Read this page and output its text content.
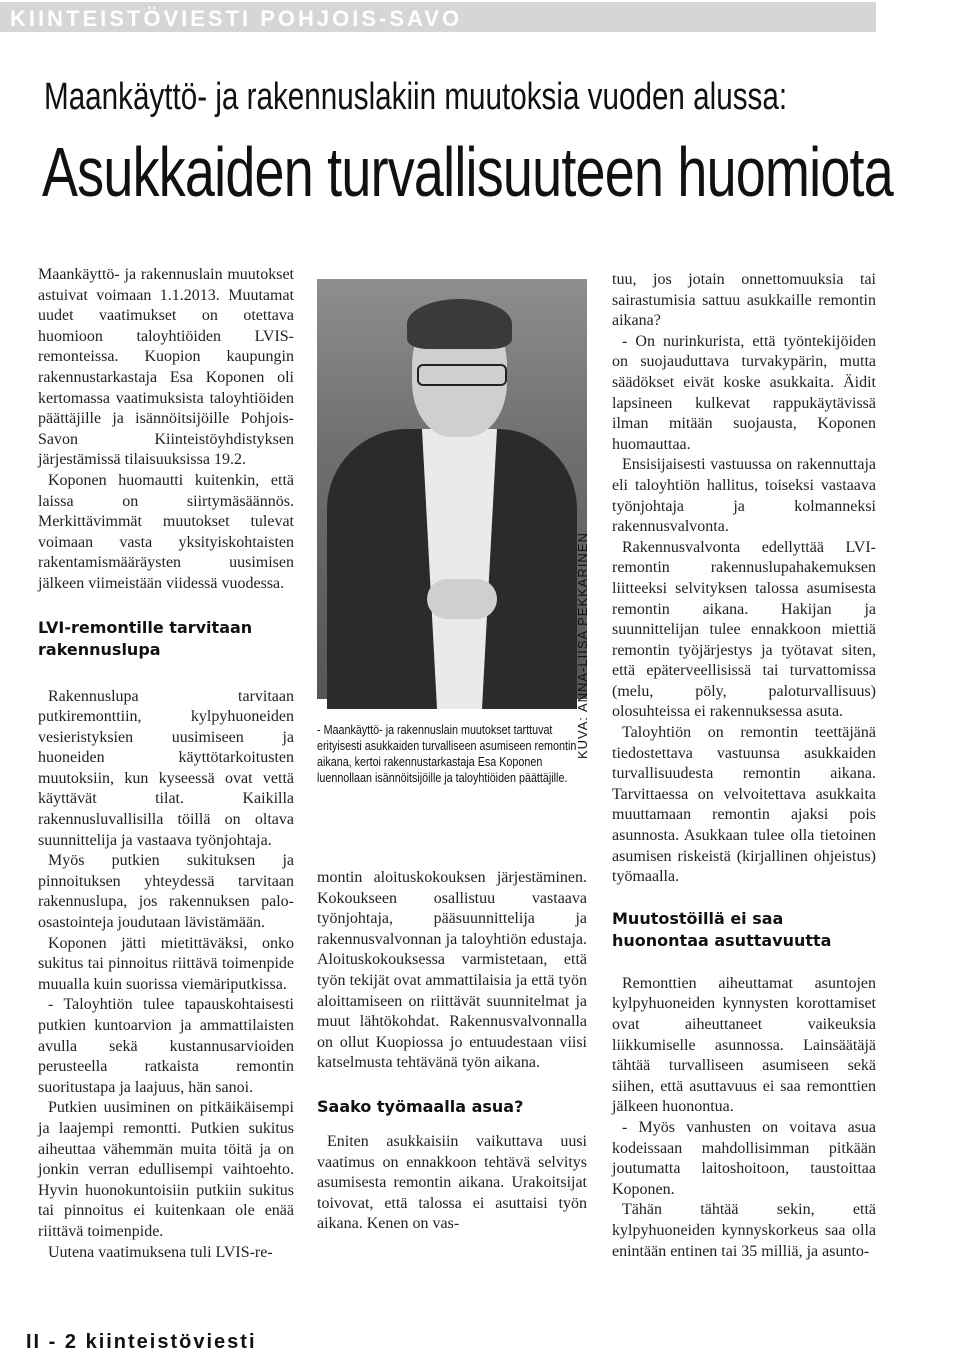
KIINTEISTÖVIESTI POHJOIS-SAVO
Maankäyttö- ja rakennuslakiin muutoksia vuoden alussa:
Asukkaiden turvallisuuteen huomiota

Maankäyttö- ja rakennuslain muutokset astuivat voimaan 1.1.2013. Muutamat uudet vaatimukset on otettava huomioon taloyhtiöiden LVIS-remonteissa. Kuopion kaupungin rakennustarkastaja Esa Koponen oli kertomassa vaatimuksista taloyhtiöiden päättäjille ja isännöitsijöille Pohjois-Savon Kiinteistöyhdistyksen järjestämissä tilaisuuksissa 19.2.

Koponen huomautti kuitenkin, että laissa on siirtymäsäännös. Merkittävimmät muutokset tulevat voimaan vasta yksityiskohtaisten rakentamismääräysten uusimisen jälkeen viimeistään viidessä vuodessa.

LVI-remontille tarvitaan rakennuslupa

Rakennuslupa tarvitaan putkiremonttiin, kylpyhuoneiden vesieristyksien uusimiseen ja huoneiden käyttötarkoitusten muutoksiin, kun kyseessä ovat vettä käyttävät tilat. Kaikilla rakennusluvallisilla töillä on oltava suunnittelija ja vastaava työnjohtaja.

Myös putkien sukituksen ja pinnoituksen yhteydessä tarvitaan rakennuslupa, jos rakennuksen palo-osastointeja joudutaan lävistämään.

Koponen jätti mietittäväksi, onko sukitus tai pinnoitus riittävä toimenpide muualla kuin suorissa viemäriputkissa.

- Taloyhtiön tulee tapauskohtaisesti putkien kuntoarvion ja ammattilaisten avulla sekä kustannusarvioiden perusteella ratkaista remontin suoritustapa ja laajuus, hän sanoi.

Putkien uusiminen on pitkäikäisempi ja laajempi remontti. Putkien sukitus aiheuttaa vähemmän muita töitä ja on jonkin verran edullisempi vaihtoehto. Hyvin huonokuntoisiin putkiin sukitus tai pinnoitus ei kuitenkaan ole enää riittävä toimenpide.

Uutena vaatimuksena tuli LVIS-re-

KUVA: ANNA-LIISA PEKKARINEN
- Maankäyttö- ja rakennuslain muutokset tarttuvat erityisesti asukkaiden turvalliseen asumiseen remontin aikana, kertoi rakennustarkastaja Esa Koponen luennollaan isännöitsijöille ja taloyhtiöiden päättäjille.

montin aloituskokouksen järjestäminen. Kokoukseen osallistuu vastaava työnjohtaja, pääsuunnittelija ja rakennusvalvonnan ja taloyhtiön edustaja. Aloituskokouksessa varmistetaan, että työn tekijät ovat ammattilaisia ja että työn aloittamiseen on riittävät suunnitelmat ja muut lähtökohdat. Rakennusvalvonnalla on ollut Kuopiossa jo entuudestaan viisi katselmusta tehtävänä työn aikana.

Saako työmaalla asua?

Eniten asukkaisiin vaikuttava uusi vaatimus on ennakkoon tehtävä selvitys asumisesta remontin aikana. Urakoitsijat toivovat, että talossa ei asuttaisi työn aikana. Kenen on vas-

tuu, jos jotain onnettomuuksia tai sairastumisia sattuu asukkaille remontin aikana?

- On nurinkurista, että työntekijöiden on suojauduttava turvakypärin, mutta säädökset eivät koske asukkaita. Äidit lapsineen kulkevat rappukäytävissä ilman mitään suojausta, Koponen huomauttaa.

Ensisijaisesti vastuussa on rakennuttaja eli taloyhtiön hallitus, toiseksi vastaava työnjohtaja ja kolmanneksi rakennusvalvonta.

Rakennusvalvonta edellyttää LVI-remontin rakennuslupahakemuksen liitteeksi selvityksen talossa asumisesta remontin aikana. Hakijan ja suunnittelijan tulee ennakkoon miettiä remontin työjärjestys ja työtavat siten, että epäterveellisissä tai turvattomissa (melu, pöly, paloturvallisuus) olosuhteissa ei rakennuksessa asuta.

Taloyhtiön on remontin teettäjänä tiedostettava vastuunsa asukkaiden turvallisuudesta remontin aikana. Tarvittaessa on velvoitettava asukkaita muuttamaan remontin ajaksi pois asunnosta. Asukkaan tulee olla tietoinen asumisen riskeistä (kirjallinen ohjeistus) työmaalla.

Muutostöillä ei saa huonontaa asuttavuutta

Remonttien aiheuttamat asuntojen kylpyhuoneiden kynnysten korottamiset ovat aiheuttaneet vaikeuksia liikkumiselle asunnossa. Lainsäätäjä tähtää turvalliseen asumiseen sekä siihen, että asuttavuus ei saa remonttien jälkeen huonontua.

- Myös vanhusten on voitava asua kodeissaan mahdollisimman pitkään joutumatta laitoshoitoon, taustoittaa Koponen.

Tähän tähtää sekin, että kylpyhuoneiden kynnyskorkeus saa olla enintään entinen tai 35 milliä, ja asunto-

II - 2 kiinteistöviesti
